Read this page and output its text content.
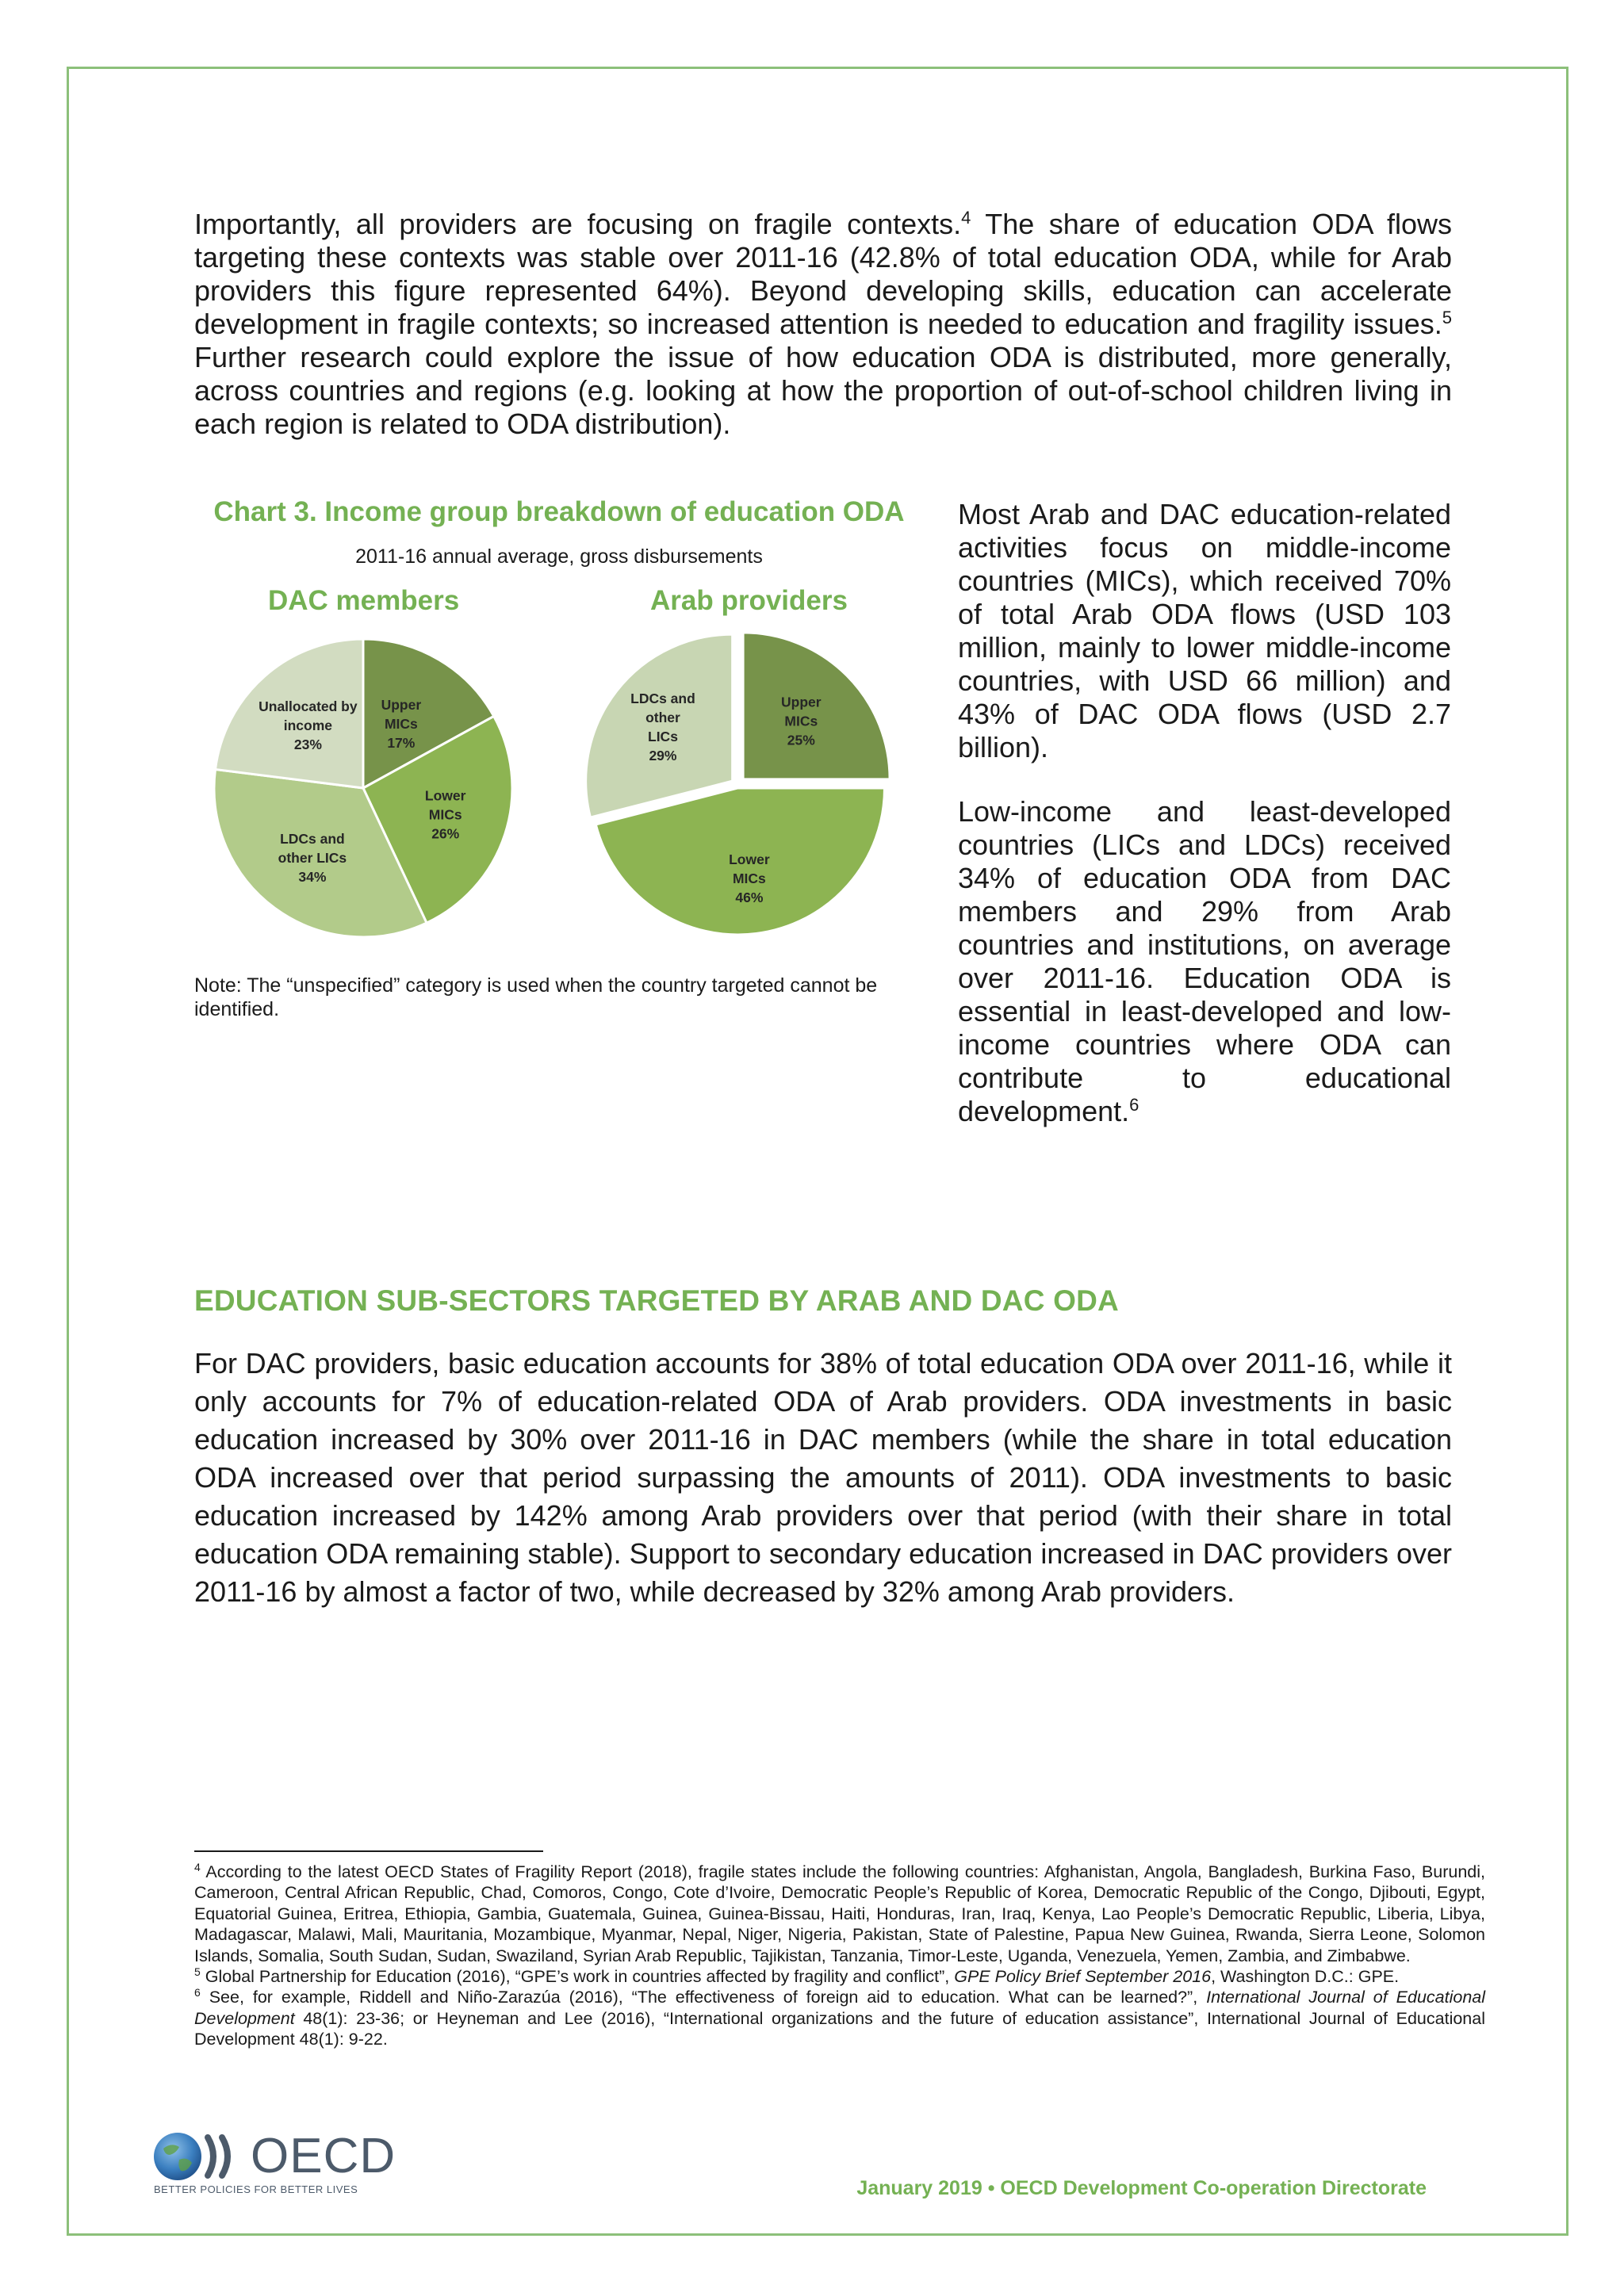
Importantly, all providers are focusing on fragile contexts.$^4$ The share of education ODA flows targeting these contexts was stable over 2011-16 (42.8% of total education ODA, while for Arab providers this figure represented 64%). Beyond developing skills, education can accelerate development in fragile contexts; so increased attention is needed to education and fragility issues.$^5$ Further research could explore the issue of how education ODA is distributed, more generally, across countries and regions (e.g. looking at how the proportion of out-of-school children living in each region is related to ODA distribution).

Chart 3. Income group breakdown of education ODA

2011-16 annual average, gross disbursements

DAC members	Arab providers

Upper MICs 17%
Lower MICs 26%
LDCs and other LICs 34%
Unallocated by income 23%
Upper MICs 25%
Lower MICs 46%
LDCs and other LICs 29%

Note: The “unspecified” category is used when the country targeted cannot be identified.

Most Arab and DAC education-related activities focus on middle-income countries (MICs), which received 70% of total Arab ODA flows (USD 103 million, mainly to lower middle-income countries, with USD 66 million) and 43% of DAC ODA flows (USD 2.7 billion).

Low-income and least-developed countries (LICs and LDCs) received 34% of education ODA from DAC members and 29% from Arab countries and institutions, on average over 2011-16. Education ODA is essential in least-developed and low-income countries where ODA can contribute to educational development.$^6$

EDUCATION SUB-SECTORS TARGETED BY ARAB AND DAC ODA

For DAC providers, basic education accounts for 38% of total education ODA over 2011-16, while it only accounts for 7% of education-related ODA of Arab providers. ODA investments in basic education increased by 30% over 2011-16 in DAC members (while the share in total education ODA increased over that period surpassing the amounts of 2011). ODA investments to basic education increased by 142% among Arab providers over that period (with their share in total education ODA remaining stable). Support to secondary education increased in DAC providers over 2011-16 by almost a factor of two, while decreased by 32% among Arab providers.

$^4$ According to the latest OECD States of Fragility Report (2018), fragile states include the following countries: Afghanistan, Angola, Bangladesh, Burkina Faso, Burundi, Cameroon, Central African Republic, Chad, Comoros, Congo, Cote d’Ivoire, Democratic People’s Republic of Korea, Democratic Republic of the Congo, Djibouti, Egypt, Equatorial Guinea, Eritrea, Ethiopia, Gambia, Guatemala, Guinea, Guinea-Bissau, Haiti, Honduras, Iran, Iraq, Kenya, Lao People’s Democratic Republic, Liberia, Libya, Madagascar, Malawi, Mali, Mauritania, Mozambique, Myanmar, Nepal, Niger, Nigeria, Pakistan, State of Palestine, Papua New Guinea, Rwanda, Sierra Leone, Solomon Islands, Somalia, South Sudan, Sudan, Swaziland, Syrian Arab Republic, Tajikistan, Tanzania, Timor-Leste, Uganda, Venezuela, Yemen, Zambia, and Zimbabwe.

$^5$ Global Partnership for Education (2016), “GPE’s work in countries affected by fragility and conflict”, GPE Policy Brief September 2016, Washington D.C.: GPE.

$^6$ See, for example, Riddell and Niño-Zarazúa (2016), “The effectiveness of foreign aid to education. What can be learned?”, International Journal of Educational Development 48(1): 23-36; or Heyneman and Lee (2016), “International organizations and the future of education assistance”, International Journal of Educational Development 48(1): 9-22.

OECD
BETTER POLICIES FOR BETTER LIVES	January 2019 • OECD Development Co-operation Directorate
